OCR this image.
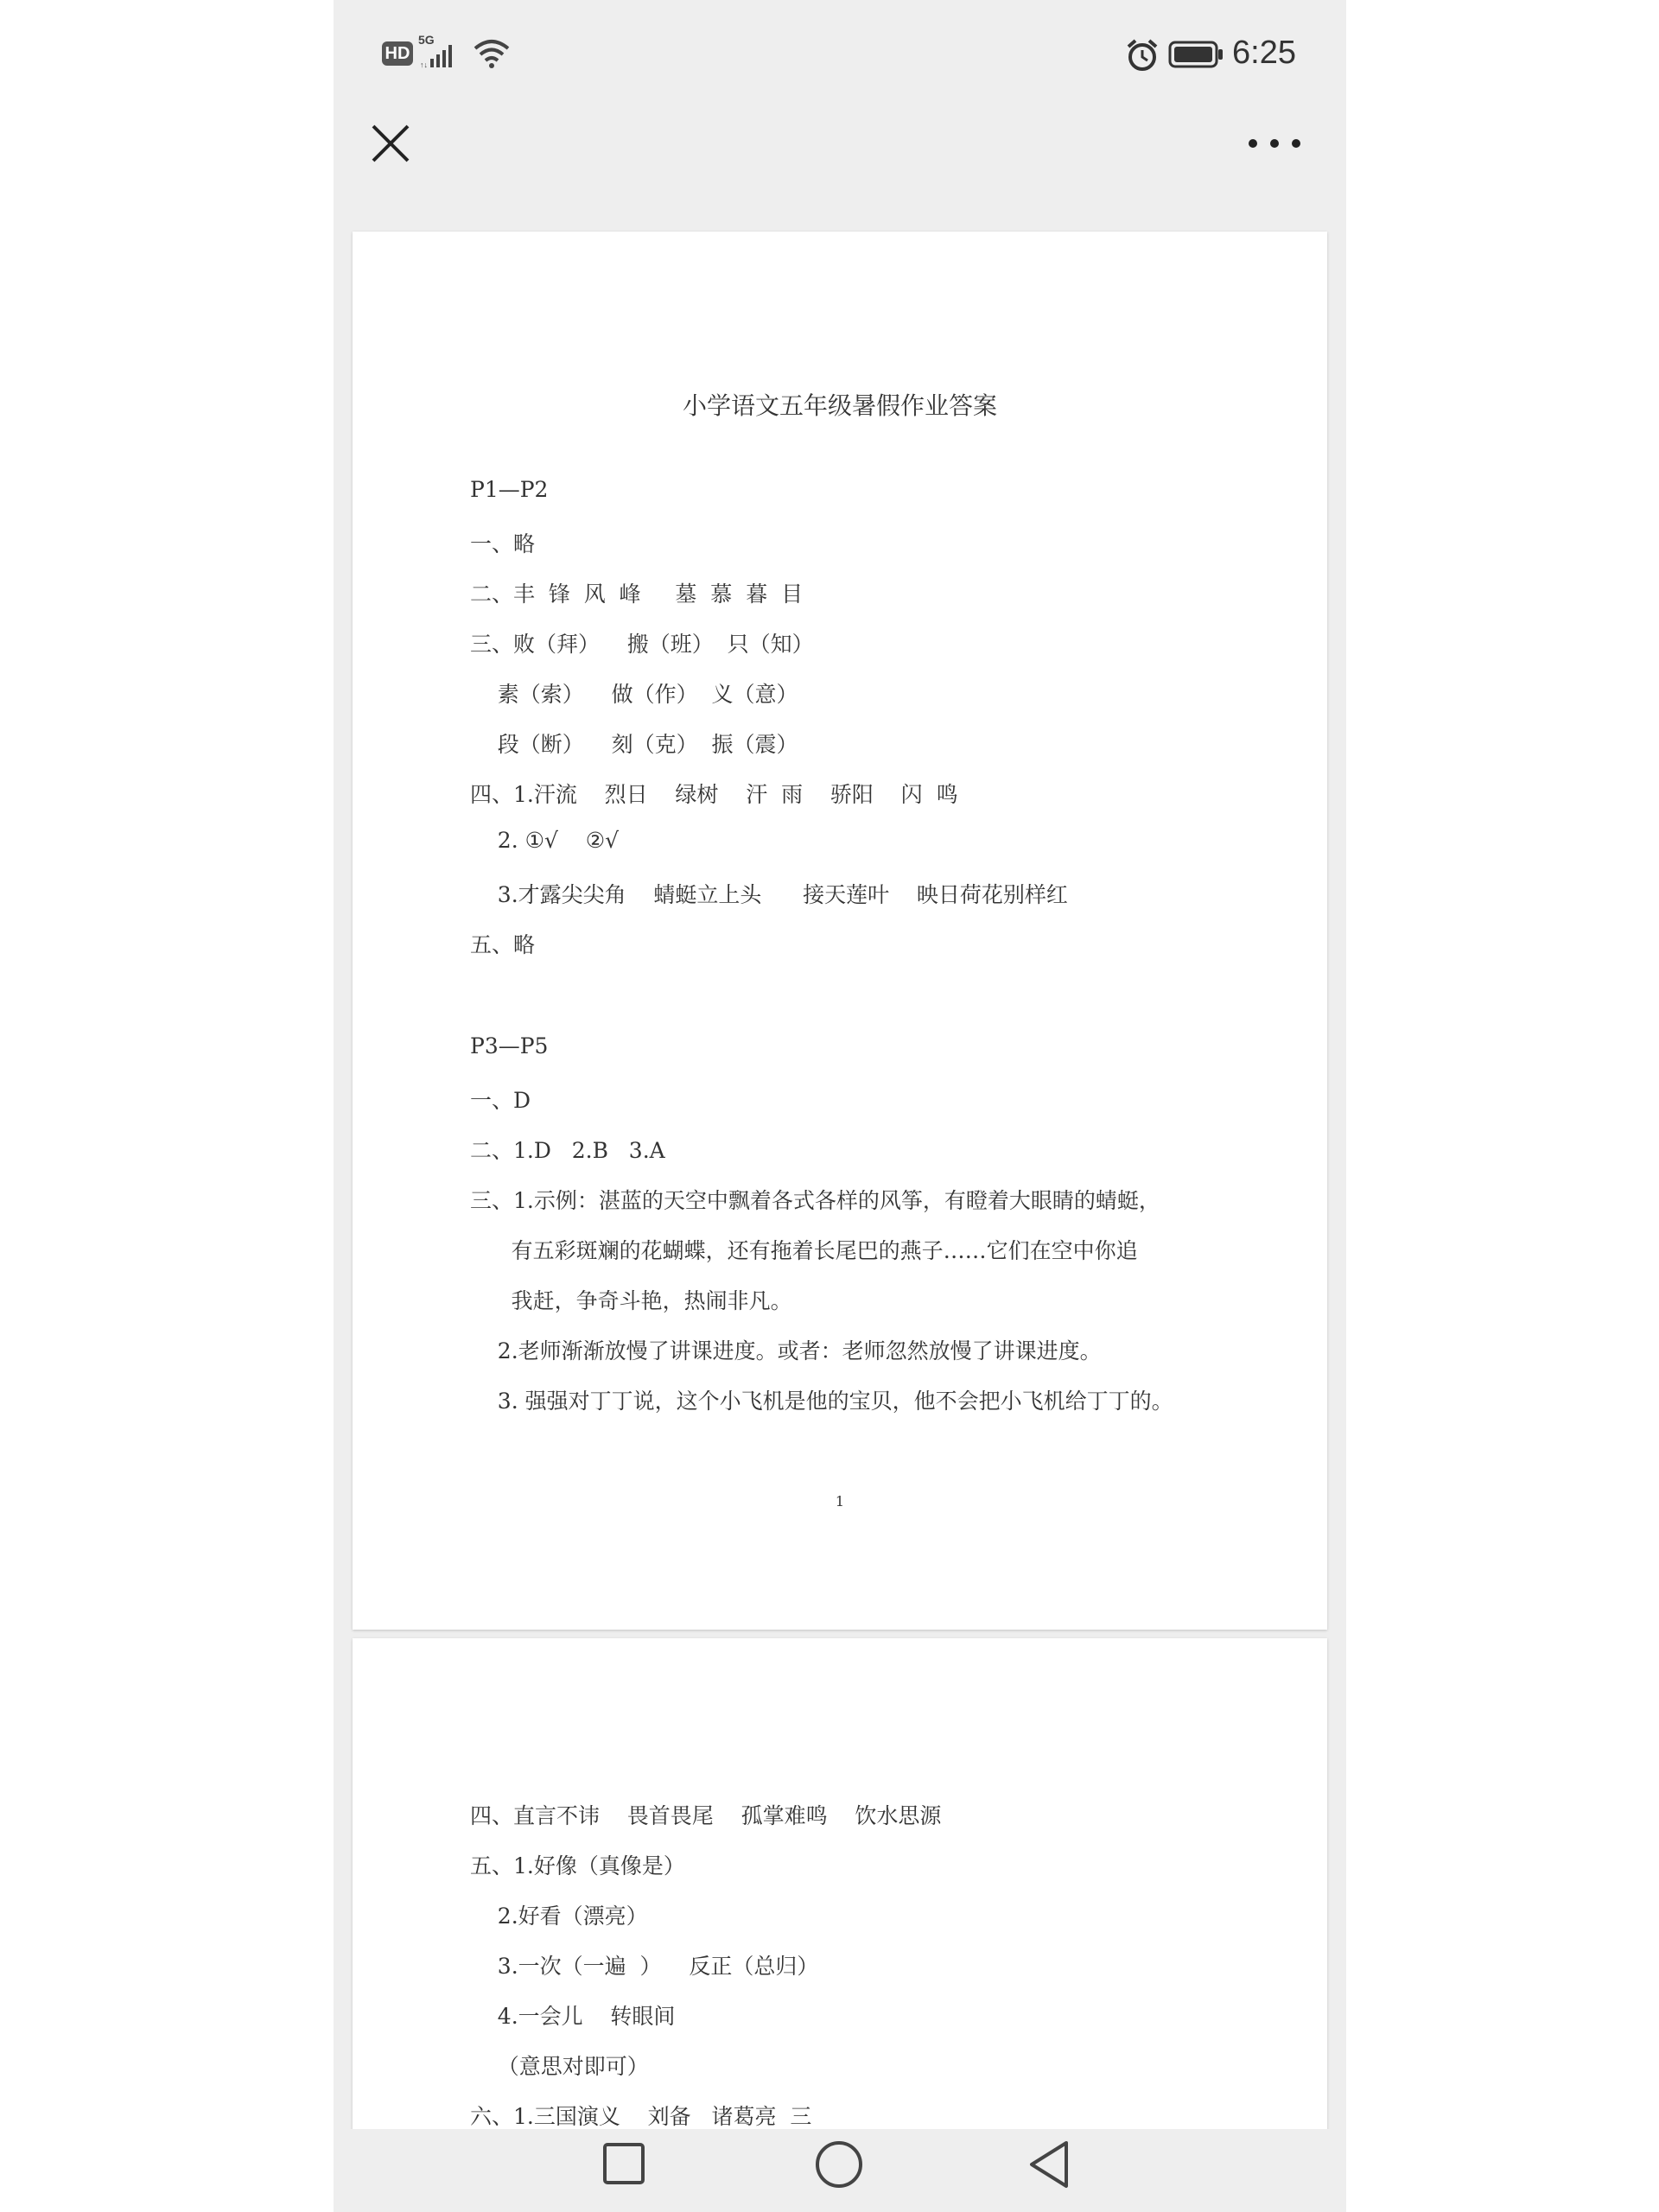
HD
5G
↑↓	6:25
小学语文五年级暑假作业答案
P1—P2
一、略
二、丰  锋  风  峰     墓  慕  暮  目
三、败（拜）    搬（班）  只（知）
素（索）    做（作）  义（意）
段（断）    刻（克）  振（震）
四、1.汗流    烈日    绿树    汗  雨    骄阳    闪  鸣
2. ①√    ②√
3.才露尖尖角    蜻蜓立上头      接天莲叶    映日荷花别样红
五、略
P3—P5
一、D
二、1.D   2.B   3.A
三、1.示例：湛蓝的天空中飘着各式各样的风筝，有瞪着大眼睛的蜻蜓，
有五彩斑斓的花蝴蝶，还有拖着长尾巴的燕子……它们在空中你追
我赶，争奇斗艳，热闹非凡。
2.老师渐渐放慢了讲课进度。或者：老师忽然放慢了讲课进度。
3. 强强对丁丁说，这个小飞机是他的宝贝，他不会把小飞机给丁丁的。
1
四、直言不讳    畏首畏尾    孤掌难鸣    饮水思源
五、1.好像（真像是）
2.好看（漂亮）
3.一次（一遍  ）    反正（总归）
4.一会儿    转眼间
（意思对即可）
六、1.三国演义    刘备   诸葛亮  三
